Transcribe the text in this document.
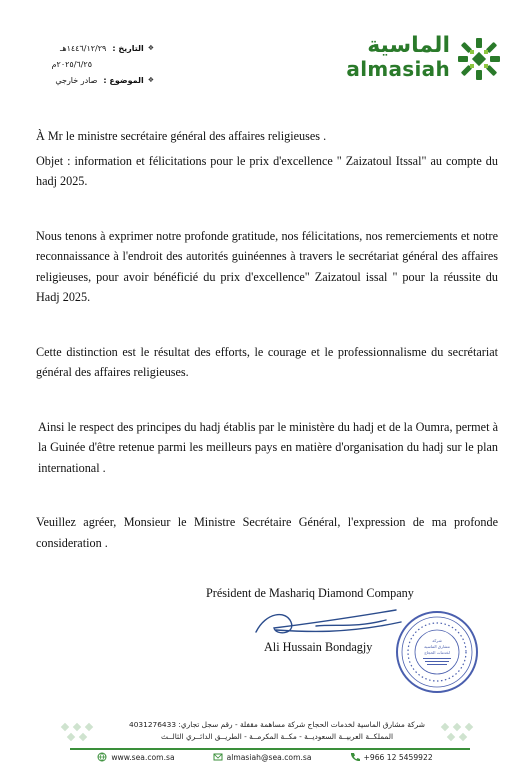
❖
التاريخ :
١٤٤٦/١٢/٢٩هـ
٢٠٢٥/٦/٢٥م
❖
الموضوع :
صادر خارجي
الماسية
almasiah

À Mr le ministre secrétaire général des affaires religieuses .

Objet : information et félicitations pour le prix d'excellence " Zaizatoul Itssal" au compte du hadj 2025.

Nous tenons à exprimer notre profonde gratitude, nos félicitations, nos remerciements et notre reconnaissance à l'endroit des autorités guinéennes à travers le secrétariat général des affaires religieuses, pour avoir bénéficié du prix d'excellence" Zaizatoul issal " pour la réussite du Hadj 2025.

Cette distinction est le résultat des efforts, le courage et le professionnalisme du secrétariat général des affaires religieuses.

Ainsi le respect des principes du hadj établis par le ministère du hadj et de la Oumra, permet à la Guinée d'être retenue parmi les meilleurs pays en matière d'organisation du hadj sur le plan international .

Veuillez agréer, Monsieur le Ministre Secrétaire Général, l'expression de ma profonde consideration .

Président de Mashariq Diamond Company
Ali Hussain Bondagjy	شركة
مشارق الماسية
لخدمات الحجاج
شركة مشارق الماسية لخدمات الحجاج شركة مساهمة مقفلة - رقم سجل تجاري: 4031276433
المملكــة العربيــة السعوديــة - مكــة المكرمــة - الطريــق الدائــري الثالــث
www.sea.com.sa	almasiah@sea.com.sa	+966 12 5459922
